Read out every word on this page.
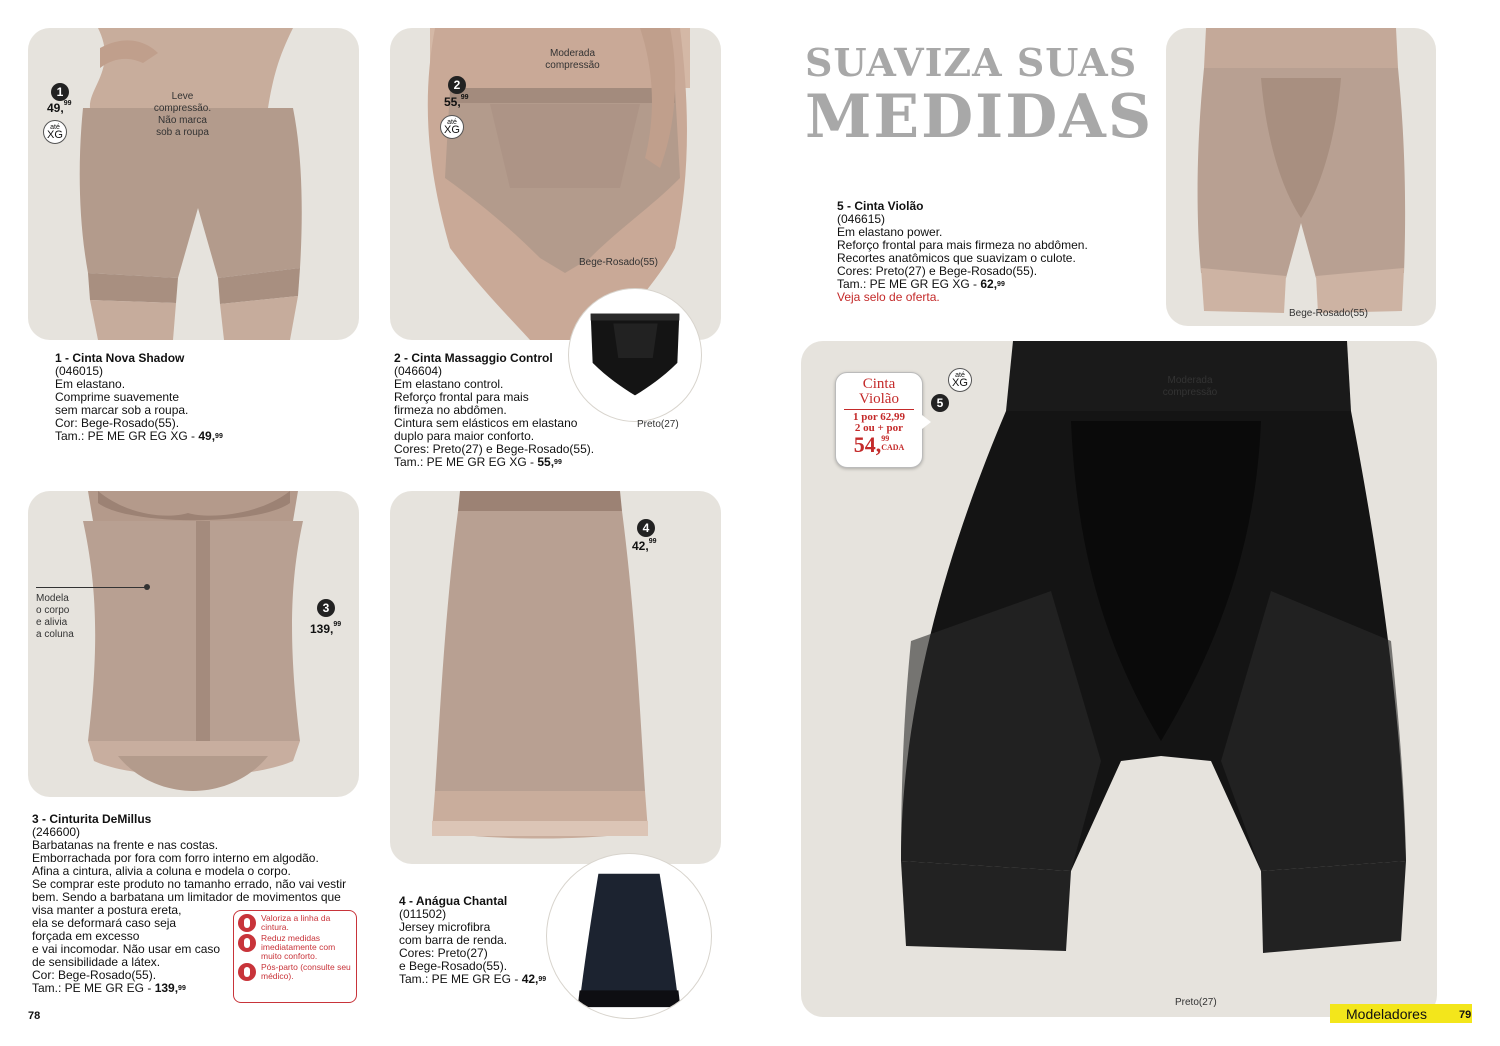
1
49,99
até
XG
Leve
compressão.
Não marca
sob a roupa
1 - Cinta Nova Shadow
(046015)
Em elastano.
Comprime suavemente
sem marcar sob a roupa.
Cor: Bege-Rosado(55).
Tam.: PE ME GR EG XG - 49,99
2
55,99
até
XG
Moderada
compressão
Bege-Rosado(55)
Preto(27)
2 - Cinta Massaggio Control
(046604)
Em elastano control.
Reforço frontal para mais
firmeza no abdômen.
Cintura sem elásticos em elastano
duplo para maior conforto.
Cores: Preto(27) e Bege-Rosado(55).
Tam.: PE ME GR EG XG - 55,99
3
139,99
Modela
o corpo
e alivia
a coluna
3 - Cinturita DeMillus
(246600)
Barbatanas na frente e nas costas.
Emborrachada por fora com forro interno em algodão.
Afina a cintura, alivia a coluna e modela o corpo.
Se comprar este produto no tamanho errado, não vai vestir
bem. Sendo a barbatana um limitador de movimentos que
visa manter a postura ereta,
ela se deformará caso seja
forçada em excesso
e vai incomodar. Não usar em caso
de sensibilidade a látex.
Cor: Bege-Rosado(55).
Tam.: PE ME GR EG - 139,99
Valoriza a linha da cintura.
Reduz medidas imediatamente com muito conforto.
Pós-parto (consulte seu médico).
4
42,99
4 - Anágua Chantal
(011502)
Jersey microfibra
com barra de renda.
Cores: Preto(27)
e Bege-Rosado(55).
Tam.: PE ME GR EG - 42,99
78
SUAVIZA SUAS
MEDIDAS
Bege-Rosado(55)
5 - Cinta Violão
(046615)
Em elastano power.
Reforço frontal para mais firmeza no abdômen.
Recortes anatômicos que suavizam o culote.
Cores: Preto(27) e Bege-Rosado(55).
Tam.: PE ME GR EG XG - 62,99
Veja selo de oferta.
5
até
XG	Moderada
compressão
Preto(27)
Cinta Violão
1 por 62,99
2 ou + por
54, 99
CADA
Modeladores	79
